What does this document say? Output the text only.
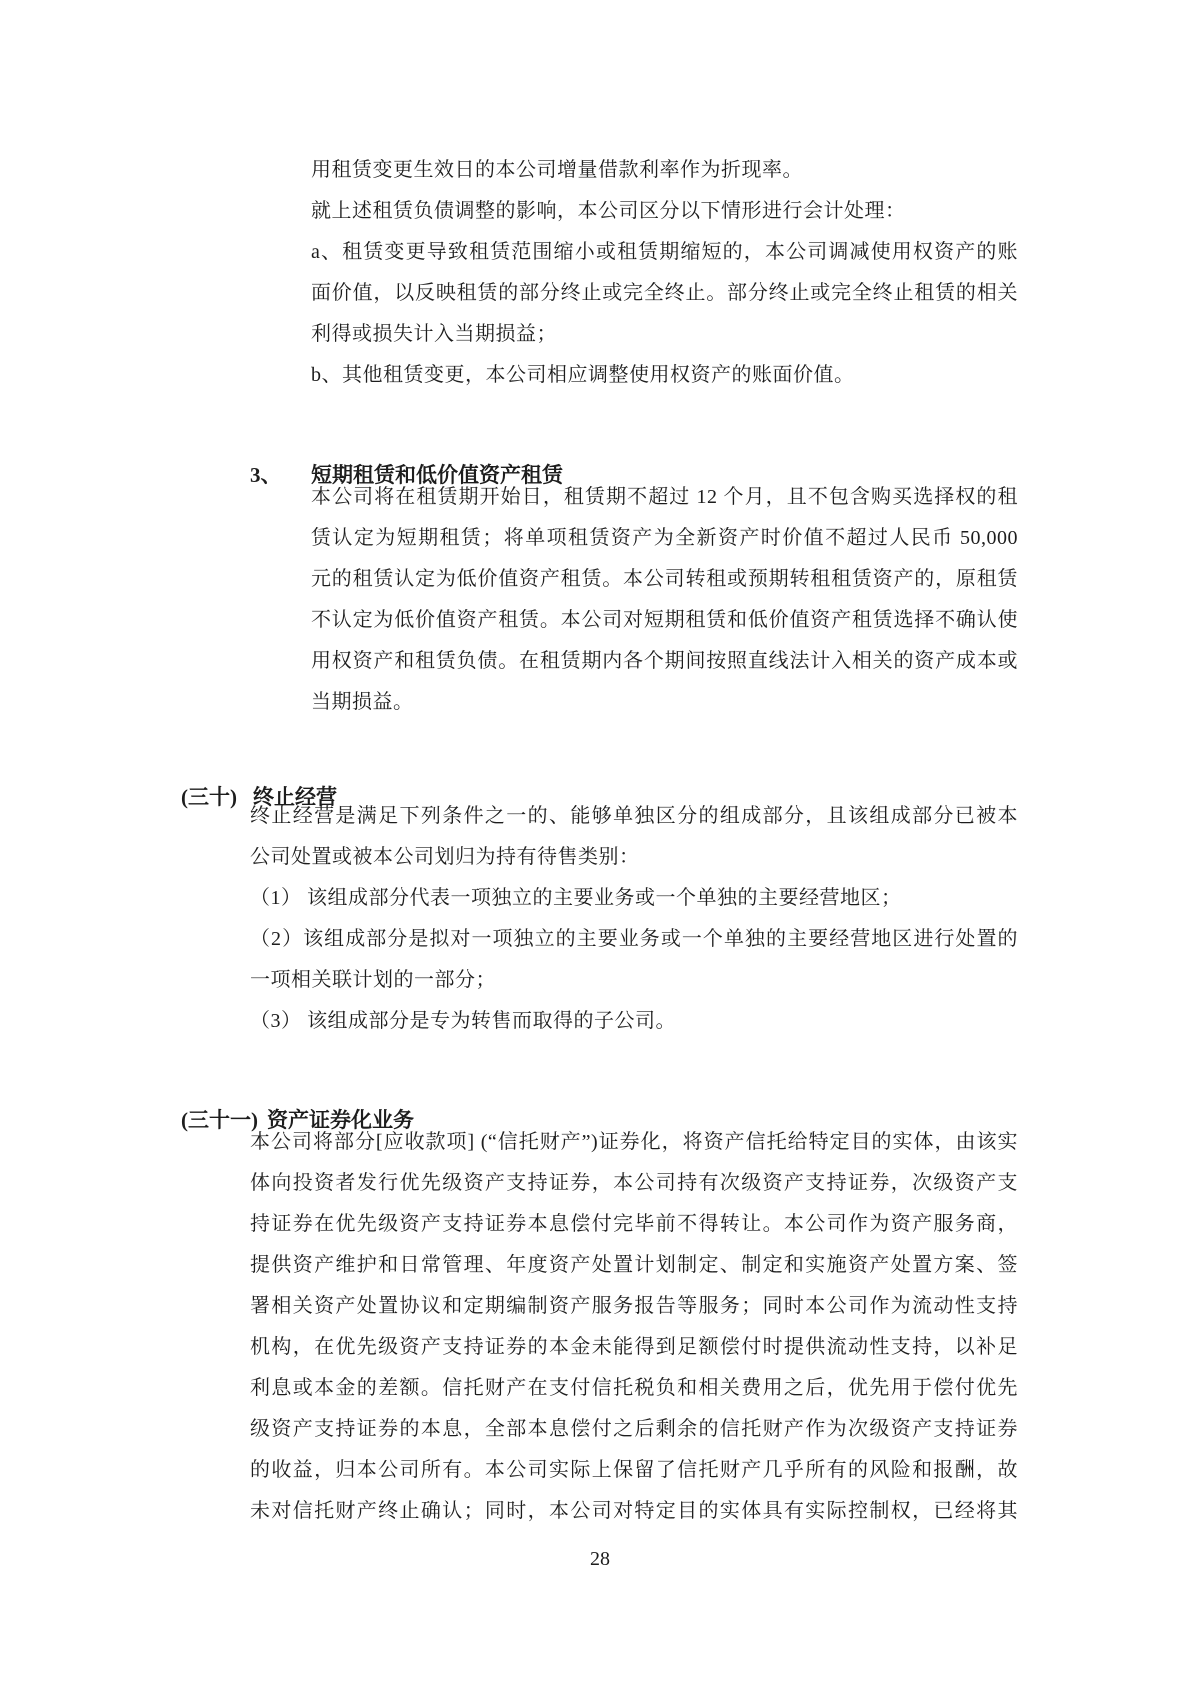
用租赁变更生效日的本公司增量借款利率作为折现率。
就上述租赁负债调整的影响，本公司区分以下情形进行会计处理：
a、租赁变更导致租赁范围缩小或租赁期缩短的，本公司调减使用权资产的账
面价值，以反映租赁的部分终止或完全终止。部分终止或完全终止租赁的相关
利得或损失计入当期损益；
b、其他租赁变更，本公司相应调整使用权资产的账面价值。
3、 短期租赁和低价值资产租赁
本公司将在租赁期开始日，租赁期不超过 12 个月，且不包含购买选择权的租
赁认定为短期租赁；将单项租赁资产为全新资产时价值不超过人民币 50,000
元的租赁认定为低价值资产租赁。本公司转租或预期转租租赁资产的，原租赁
不认定为低价值资产租赁。本公司对短期租赁和低价值资产租赁选择不确认使
用权资产和租赁负债。在租赁期内各个期间按照直线法计入相关的资产成本或
当期损益。
(三十) 终止经营
终止经营是满足下列条件之一的、能够单独区分的组成部分，且该组成部分已被本
公司处置或被本公司划归为持有待售类别：
（1） 该组成部分代表一项独立的主要业务或一个单独的主要经营地区；
（2）该组成部分是拟对一项独立的主要业务或一个单独的主要经营地区进行处置的
一项相关联计划的一部分；
（3） 该组成部分是专为转售而取得的子公司。
(三十一) 资产证券化业务
本公司将部分[应收款项] (“信托财产”)证券化，将资产信托给特定目的实体，由该实
体向投资者发行优先级资产支持证券，本公司持有次级资产支持证券，次级资产支
持证券在优先级资产支持证券本息偿付完毕前不得转让。本公司作为资产服务商，
提供资产维护和日常管理、年度资产处置计划制定、制定和实施资产处置方案、签
署相关资产处置协议和定期编制资产服务报告等服务；同时本公司作为流动性支持
机构，在优先级资产支持证券的本金未能得到足额偿付时提供流动性支持，以补足
利息或本金的差额。信托财产在支付信托税负和相关费用之后，优先用于偿付优先
级资产支持证券的本息，全部本息偿付之后剩余的信托财产作为次级资产支持证券
的收益，归本公司所有。本公司实际上保留了信托财产几乎所有的风险和报酬，故
未对信托财产终止确认；同时，本公司对特定目的实体具有实际控制权，已经将其
28
